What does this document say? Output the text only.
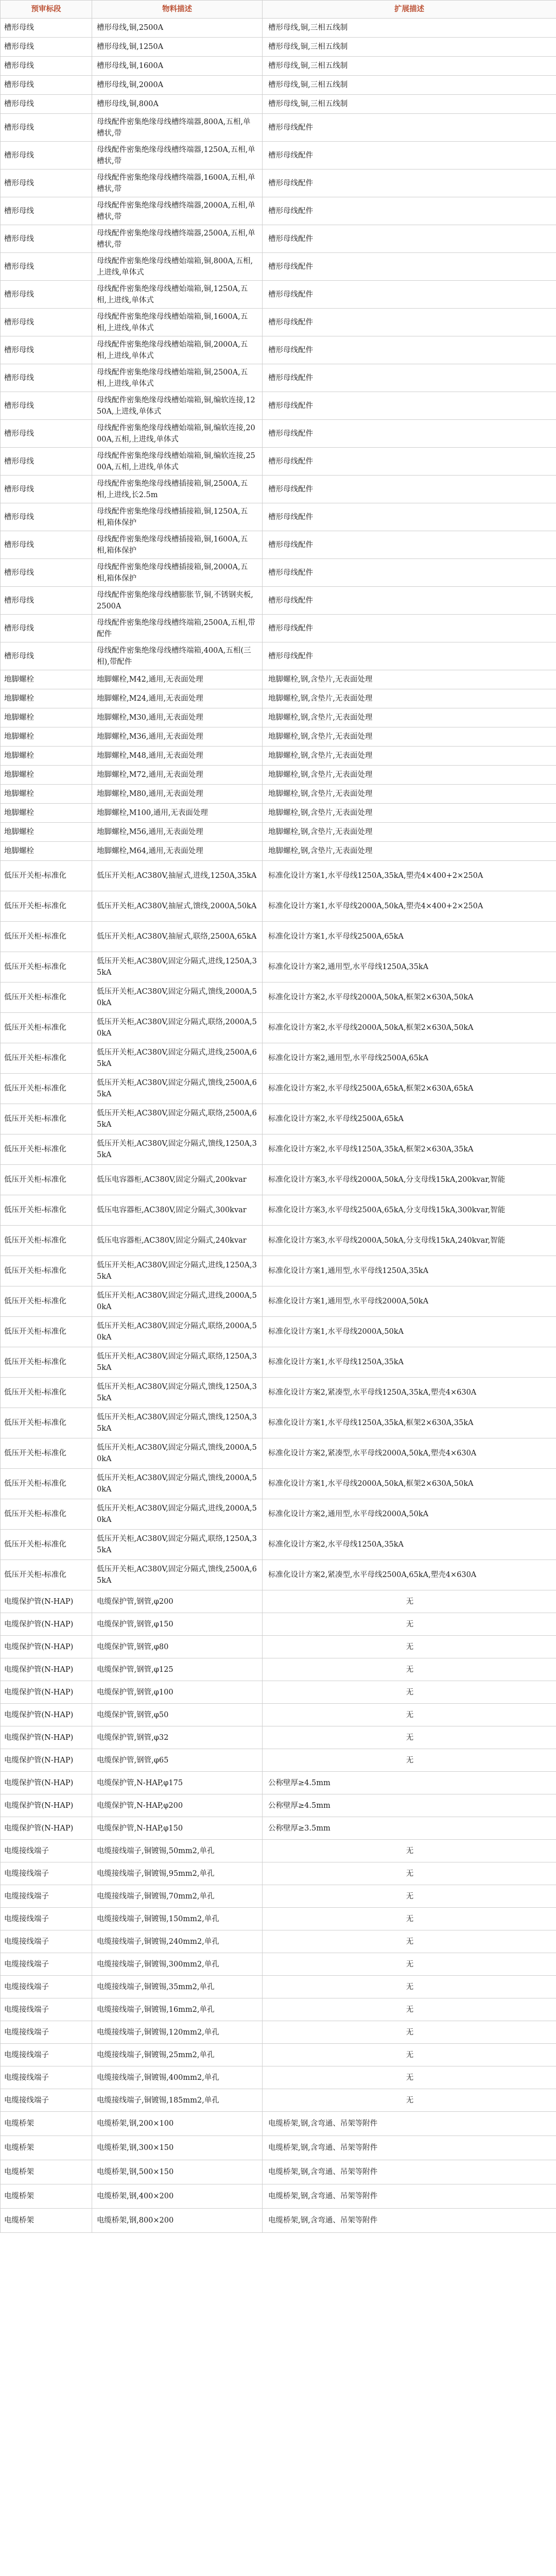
预审标段	物料描述	扩展描述
槽形母线	槽形母线,铜,2500A	槽形母线,铜,三相五线制
槽形母线	槽形母线,铜,1250A	槽形母线,铜,三相五线制
槽形母线	槽形母线,铜,1600A	槽形母线,铜,三相五线制
槽形母线	槽形母线,铜,2000A	槽形母线,铜,三相五线制
槽形母线	槽形母线,铜,800A	槽形母线,铜,三相五线制
槽形母线	母线配件密集绝缘母线槽终端器,800A,五相,单槽状,带	槽形母线配件
槽形母线	母线配件密集绝缘母线槽终端器,1250A,五相,单槽状,带	槽形母线配件
槽形母线	母线配件密集绝缘母线槽终端器,1600A,五相,单槽状,带	槽形母线配件
槽形母线	母线配件密集绝缘母线槽终端器,2000A,五相,单槽状,带	槽形母线配件
槽形母线	母线配件密集绝缘母线槽终端器,2500A,五相,单槽状,带	槽形母线配件
槽形母线	母线配件密集绝缘母线槽始端箱,铜,800A,五相,上进线,单体式	槽形母线配件
槽形母线	母线配件密集绝缘母线槽始端箱,铜,1250A,五相,上进线,单体式	槽形母线配件
槽形母线	母线配件密集绝缘母线槽始端箱,铜,1600A,五相,上进线,单体式	槽形母线配件
槽形母线	母线配件密集绝缘母线槽始端箱,铜,2000A,五相,上进线,单体式	槽形母线配件
槽形母线	母线配件密集绝缘母线槽始端箱,铜,2500A,五相,上进线,单体式	槽形母线配件
槽形母线	母线配件密集绝缘母线槽始端箱,铜,编软连接,1250A,上进线,单体式	槽形母线配件
槽形母线	母线配件密集绝缘母线槽始端箱,铜,编软连接,2000A,五相,上进线,单体式	槽形母线配件
槽形母线	母线配件密集绝缘母线槽始端箱,铜,编软连接,2500A,五相,上进线,单体式	槽形母线配件
槽形母线	母线配件密集绝缘母线槽插接箱,铜,2500A,五相,上进线,长2.5m	槽形母线配件
槽形母线	母线配件密集绝缘母线槽插接箱,铜,1250A,五相,箱体保护	槽形母线配件
槽形母线	母线配件密集绝缘母线槽插接箱,铜,1600A,五相,箱体保护	槽形母线配件
槽形母线	母线配件密集绝缘母线槽插接箱,铜,2000A,五相,箱体保护	槽形母线配件
槽形母线	母线配件密集绝缘母线槽膨胀节,铜,不锈钢夹板,2500A	槽形母线配件
槽形母线	母线配件密集绝缘母线槽终端箱,2500A,五相,带配件	槽形母线配件
槽形母线	母线配件密集绝缘母线槽终端箱,400A,五相(三相),带配件	槽形母线配件
地脚螺栓	地脚螺栓,M42,通用,无表面处理	地脚螺栓,钢,含垫片,无表面处理
地脚螺栓	地脚螺栓,M24,通用,无表面处理	地脚螺栓,钢,含垫片,无表面处理
地脚螺栓	地脚螺栓,M30,通用,无表面处理	地脚螺栓,钢,含垫片,无表面处理
地脚螺栓	地脚螺栓,M36,通用,无表面处理	地脚螺栓,钢,含垫片,无表面处理
地脚螺栓	地脚螺栓,M48,通用,无表面处理	地脚螺栓,钢,含垫片,无表面处理
地脚螺栓	地脚螺栓,M72,通用,无表面处理	地脚螺栓,钢,含垫片,无表面处理
地脚螺栓	地脚螺栓,M80,通用,无表面处理	地脚螺栓,钢,含垫片,无表面处理
地脚螺栓	地脚螺栓,M100,通用,无表面处理	地脚螺栓,钢,含垫片,无表面处理
地脚螺栓	地脚螺栓,M56,通用,无表面处理	地脚螺栓,钢,含垫片,无表面处理
地脚螺栓	地脚螺栓,M64,通用,无表面处理	地脚螺栓,钢,含垫片,无表面处理
低压开关柜-标准化	低压开关柜,AC380V,抽屉式,进线,1250A,35kA	标准化设计方案1,水平母线1250A,35kA,塑壳4×400+2×250A
低压开关柜-标准化	低压开关柜,AC380V,抽屉式,馈线,2000A,50kA	标准化设计方案1,水平母线2000A,50kA,塑壳4×400+2×250A
低压开关柜-标准化	低压开关柜,AC380V,抽屉式,联络,2500A,65kA	标准化设计方案1,水平母线2500A,65kA
低压开关柜-标准化	低压开关柜,AC380V,固定分隔式,进线,1250A,35kA	标准化设计方案2,通用型,水平母线1250A,35kA
低压开关柜-标准化	低压开关柜,AC380V,固定分隔式,馈线,2000A,50kA	标准化设计方案2,水平母线2000A,50kA,框架2×630A,50kA
低压开关柜-标准化	低压开关柜,AC380V,固定分隔式,联络,2000A,50kA	标准化设计方案2,水平母线2000A,50kA,框架2×630A,50kA
低压开关柜-标准化	低压开关柜,AC380V,固定分隔式,进线,2500A,65kA	标准化设计方案2,通用型,水平母线2500A,65kA
低压开关柜-标准化	低压开关柜,AC380V,固定分隔式,馈线,2500A,65kA	标准化设计方案2,水平母线2500A,65kA,框架2×630A,65kA
低压开关柜-标准化	低压开关柜,AC380V,固定分隔式,联络,2500A,65kA	标准化设计方案2,水平母线2500A,65kA
低压开关柜-标准化	低压开关柜,AC380V,固定分隔式,馈线,1250A,35kA	标准化设计方案2,水平母线1250A,35kA,框架2×630A,35kA
低压开关柜-标准化	低压电容器柜,AC380V,固定分隔式,200kvar	标准化设计方案3,水平母线2000A,50kA,分支母线15kA,200kvar,智能
低压开关柜-标准化	低压电容器柜,AC380V,固定分隔式,300kvar	标准化设计方案3,水平母线2500A,65kA,分支母线15kA,300kvar,智能
低压开关柜-标准化	低压电容器柜,AC380V,固定分隔式,240kvar	标准化设计方案3,水平母线2000A,50kA,分支母线15kA,240kvar,智能
低压开关柜-标准化	低压开关柜,AC380V,固定分隔式,进线,1250A,35kA	标准化设计方案1,通用型,水平母线1250A,35kA
低压开关柜-标准化	低压开关柜,AC380V,固定分隔式,进线,2000A,50kA	标准化设计方案1,通用型,水平母线2000A,50kA
低压开关柜-标准化	低压开关柜,AC380V,固定分隔式,联络,2000A,50kA	标准化设计方案1,水平母线2000A,50kA
低压开关柜-标准化	低压开关柜,AC380V,固定分隔式,联络,1250A,35kA	标准化设计方案1,水平母线1250A,35kA
低压开关柜-标准化	低压开关柜,AC380V,固定分隔式,馈线,1250A,35kA	标准化设计方案2,紧凑型,水平母线1250A,35kA,塑壳4×630A
低压开关柜-标准化	低压开关柜,AC380V,固定分隔式,馈线,1250A,35kA	标准化设计方案1,水平母线1250A,35kA,框架2×630A,35kA
低压开关柜-标准化	低压开关柜,AC380V,固定分隔式,馈线,2000A,50kA	标准化设计方案2,紧凑型,水平母线2000A,50kA,塑壳4×630A
低压开关柜-标准化	低压开关柜,AC380V,固定分隔式,馈线,2000A,50kA	标准化设计方案1,水平母线2000A,50kA,框架2×630A,50kA
低压开关柜-标准化	低压开关柜,AC380V,固定分隔式,进线,2000A,50kA	标准化设计方案2,通用型,水平母线2000A,50kA
低压开关柜-标准化	低压开关柜,AC380V,固定分隔式,联络,1250A,35kA	标准化设计方案2,水平母线1250A,35kA
低压开关柜-标准化	低压开关柜,AC380V,固定分隔式,馈线,2500A,65kA	标准化设计方案2,紧凑型,水平母线2500A,65kA,塑壳4×630A
电缆保护管(N-HAP)	电缆保护管,钢管,φ200	无
电缆保护管(N-HAP)	电缆保护管,钢管,φ150	无
电缆保护管(N-HAP)	电缆保护管,钢管,φ80	无
电缆保护管(N-HAP)	电缆保护管,钢管,φ125	无
电缆保护管(N-HAP)	电缆保护管,钢管,φ100	无
电缆保护管(N-HAP)	电缆保护管,钢管,φ50	无
电缆保护管(N-HAP)	电缆保护管,钢管,φ32	无
电缆保护管(N-HAP)	电缆保护管,钢管,φ65	无
电缆保护管(N-HAP)	电缆保护管,N-HAP,φ175	公称壁厚≥4.5mm
电缆保护管(N-HAP)	电缆保护管,N-HAP,φ200	公称壁厚≥4.5mm
电缆保护管(N-HAP)	电缆保护管,N-HAP,φ150	公称壁厚≥3.5mm
电缆接线端子	电缆接线端子,铜镀锡,50mm2,单孔	无
电缆接线端子	电缆接线端子,铜镀锡,95mm2,单孔	无
电缆接线端子	电缆接线端子,铜镀锡,70mm2,单孔	无
电缆接线端子	电缆接线端子,铜镀锡,150mm2,单孔	无
电缆接线端子	电缆接线端子,铜镀锡,240mm2,单孔	无
电缆接线端子	电缆接线端子,铜镀锡,300mm2,单孔	无
电缆接线端子	电缆接线端子,铜镀锡,35mm2,单孔	无
电缆接线端子	电缆接线端子,铜镀锡,16mm2,单孔	无
电缆接线端子	电缆接线端子,铜镀锡,120mm2,单孔	无
电缆接线端子	电缆接线端子,铜镀锡,25mm2,单孔	无
电缆接线端子	电缆接线端子,铜镀锡,400mm2,单孔	无
电缆接线端子	电缆接线端子,铜镀锡,185mm2,单孔	无
电缆桥架	电缆桥架,钢,200×100	电缆桥架,钢,含弯通、吊架等附件
电缆桥架	电缆桥架,钢,300×150	电缆桥架,钢,含弯通、吊架等附件
电缆桥架	电缆桥架,钢,500×150	电缆桥架,钢,含弯通、吊架等附件
电缆桥架	电缆桥架,钢,400×200	电缆桥架,钢,含弯通、吊架等附件
电缆桥架	电缆桥架,钢,800×200	电缆桥架,钢,含弯通、吊架等附件
